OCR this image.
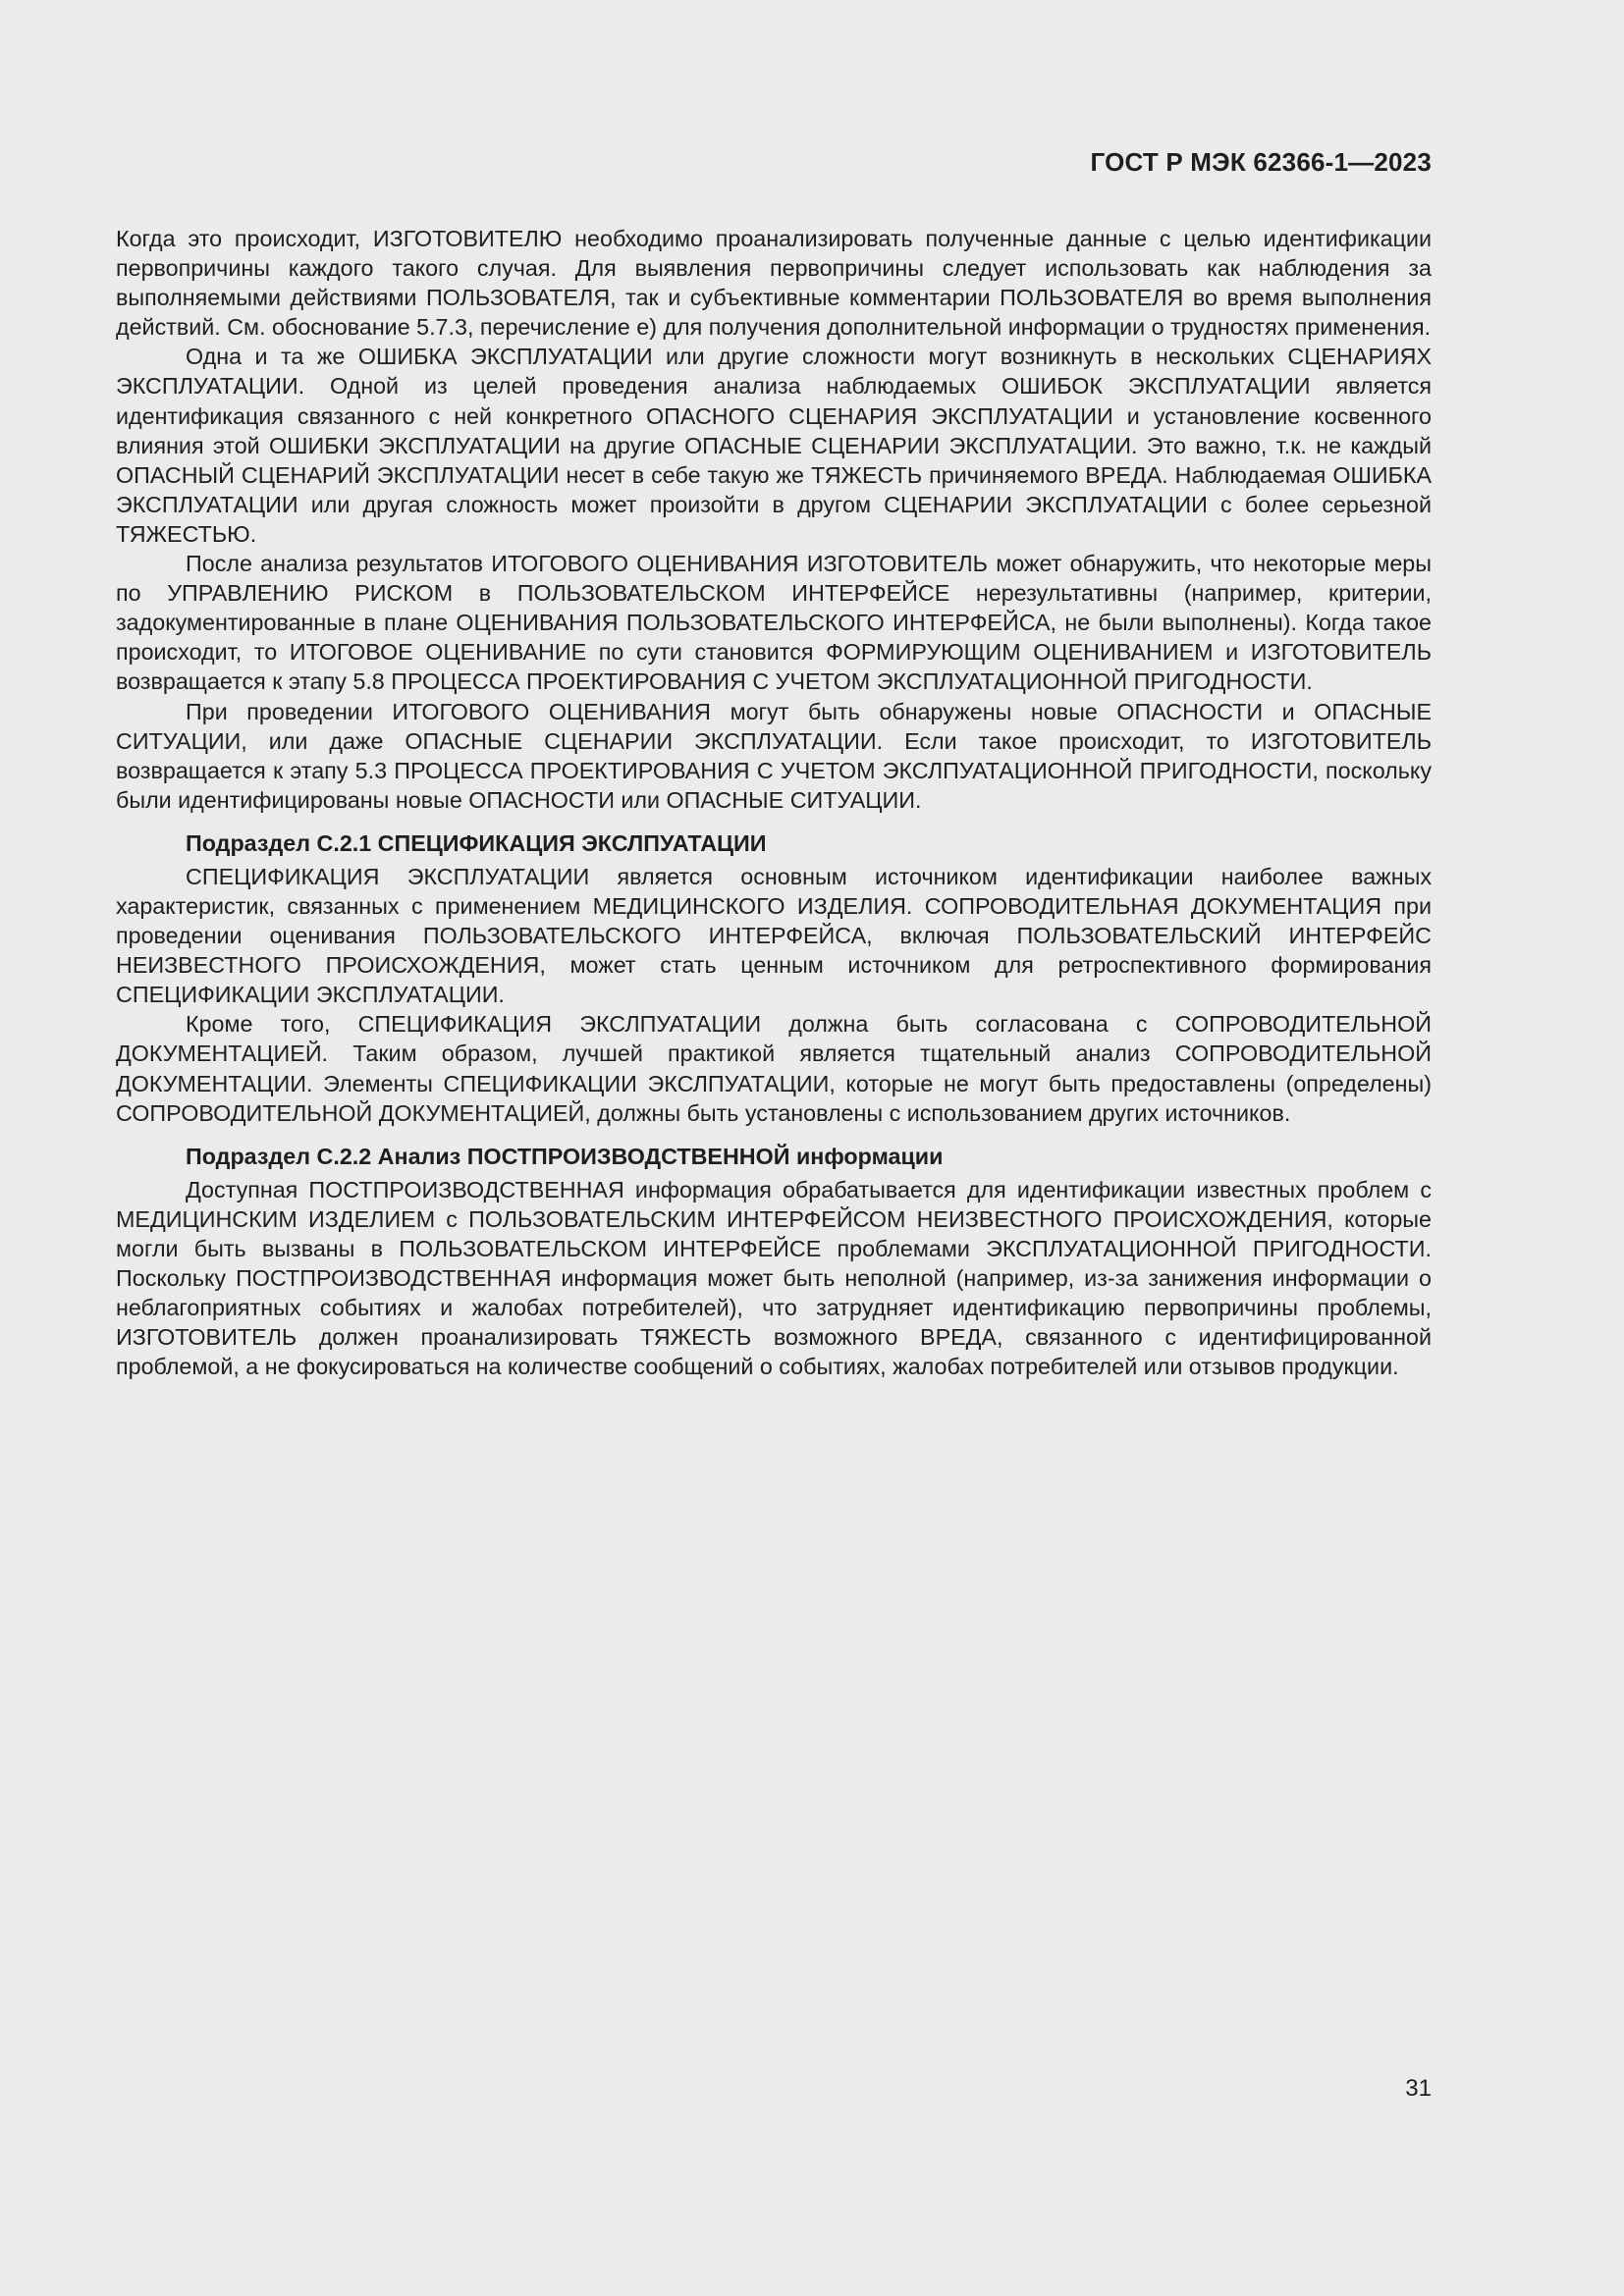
ГОСТ Р МЭК 62366-1—2023

Когда это происходит, ИЗГОТОВИТЕЛЮ необходимо проанализировать полученные данные с целью идентификации первопричины каждого такого случая. Для выявления первопричины следует использовать как наблюдения за выполняемыми действиями ПОЛЬЗОВАТЕЛЯ, так и субъективные комментарии ПОЛЬЗОВАТЕЛЯ во время выполнения действий. См. обоснование 5.7.3, перечисление е) для получения дополнительной информации о трудностях применения.

Одна и та же ОШИБКА ЭКСПЛУАТАЦИИ или другие сложности могут возникнуть в нескольких СЦЕНАРИЯХ ЭКСПЛУАТАЦИИ. Одной из целей проведения анализа наблюдаемых ОШИБОК ЭКСПЛУАТАЦИИ является идентификация связанного с ней конкретного ОПАСНОГО СЦЕНАРИЯ ЭКСПЛУАТАЦИИ и установление косвенного влияния этой ОШИБКИ ЭКСПЛУАТАЦИИ на другие ОПАСНЫЕ СЦЕНАРИИ ЭКСПЛУАТАЦИИ. Это важно, т.к. не каждый ОПАСНЫЙ СЦЕНАРИЙ ЭКСПЛУАТАЦИИ несет в себе такую же ТЯЖЕСТЬ причиняемого ВРЕДА. Наблюдаемая ОШИБКА ЭКСПЛУАТАЦИИ или другая сложность может произойти в другом СЦЕНАРИИ ЭКСПЛУАТАЦИИ с более серьезной ТЯЖЕСТЬЮ.

После анализа результатов ИТОГОВОГО ОЦЕНИВАНИЯ ИЗГОТОВИТЕЛЬ может обнаружить, что некоторые меры по УПРАВЛЕНИЮ РИСКОМ в ПОЛЬЗОВАТЕЛЬСКОМ ИНТЕРФЕЙСЕ нерезультативны (например, критерии, задокументированные в плане ОЦЕНИВАНИЯ ПОЛЬЗОВАТЕЛЬСКОГО ИНТЕРФЕЙСА, не были выполнены). Когда такое происходит, то ИТОГОВОЕ ОЦЕНИВАНИЕ по сути становится ФОРМИРУЮЩИМ ОЦЕНИВАНИЕМ и ИЗГОТОВИТЕЛЬ возвращается к этапу 5.8 ПРОЦЕССА ПРОЕКТИРОВАНИЯ С УЧЕТОМ ЭКСПЛУАТАЦИОННОЙ ПРИГОДНОСТИ.

При проведении ИТОГОВОГО ОЦЕНИВАНИЯ могут быть обнаружены новые ОПАСНОСТИ и ОПАСНЫЕ СИТУАЦИИ, или даже ОПАСНЫЕ СЦЕНАРИИ ЭКСПЛУАТАЦИИ. Если такое происходит, то ИЗГОТОВИТЕЛЬ возвращается к этапу 5.3 ПРОЦЕССА ПРОЕКТИРОВАНИЯ С УЧЕТОМ ЭКСЛПУАТАЦИОННОЙ ПРИГОДНОСТИ, поскольку были идентифицированы новые ОПАСНОСТИ или ОПАСНЫЕ СИТУАЦИИ.

Подраздел С.2.1 СПЕЦИФИКАЦИЯ ЭКСЛПУАТАЦИИ

СПЕЦИФИКАЦИЯ ЭКСПЛУАТАЦИИ является основным источником идентификации наиболее важных характеристик, связанных с применением МЕДИЦИНСКОГО ИЗДЕЛИЯ. СОПРОВОДИТЕЛЬНАЯ ДОКУМЕНТАЦИЯ при проведении оценивания ПОЛЬЗОВАТЕЛЬСКОГО ИНТЕРФЕЙСА, включая ПОЛЬЗОВАТЕЛЬСКИЙ ИНТЕРФЕЙС НЕИЗВЕСТНОГО ПРОИСХОЖДЕНИЯ, может стать ценным источником для ретроспективного формирования СПЕЦИФИКАЦИИ ЭКСПЛУАТАЦИИ.

Кроме того, СПЕЦИФИКАЦИЯ ЭКСЛПУАТАЦИИ должна быть согласована с СОПРОВОДИТЕЛЬНОЙ ДОКУМЕНТАЦИЕЙ. Таким образом, лучшей практикой является тщательный анализ СОПРОВОДИТЕЛЬНОЙ ДОКУМЕНТАЦИИ. Элементы СПЕЦИФИКАЦИИ ЭКСЛПУАТАЦИИ, которые не могут быть предоставлены (определены) СОПРОВОДИТЕЛЬНОЙ ДОКУМЕНТАЦИЕЙ, должны быть установлены с использованием других источников.

Подраздел С.2.2 Анализ ПОСТПРОИЗВОДСТВЕННОЙ информации

Доступная ПОСТПРОИЗВОДСТВЕННАЯ информация обрабатывается для идентификации известных проблем с МЕДИЦИНСКИМ ИЗДЕЛИЕМ с ПОЛЬЗОВАТЕЛЬСКИМ ИНТЕРФЕЙСОМ НЕИЗВЕСТНОГО ПРОИСХОЖДЕНИЯ, которые могли быть вызваны в ПОЛЬЗОВАТЕЛЬСКОМ ИНТЕРФЕЙСЕ проблемами ЭКСПЛУАТАЦИОННОЙ ПРИГОДНОСТИ. Поскольку ПОСТПРОИЗВОДСТВЕННАЯ информация может быть неполной (например, из-за занижения информации о неблагоприятных событиях и жалобах потребителей), что затрудняет идентификацию первопричины проблемы, ИЗГОТОВИТЕЛЬ должен проанализировать ТЯЖЕСТЬ возможного ВРЕДА, связанного с идентифицированной проблемой, а не фокусироваться на количестве сообщений о событиях, жалобах потребителей или отзывов продукции.

31
